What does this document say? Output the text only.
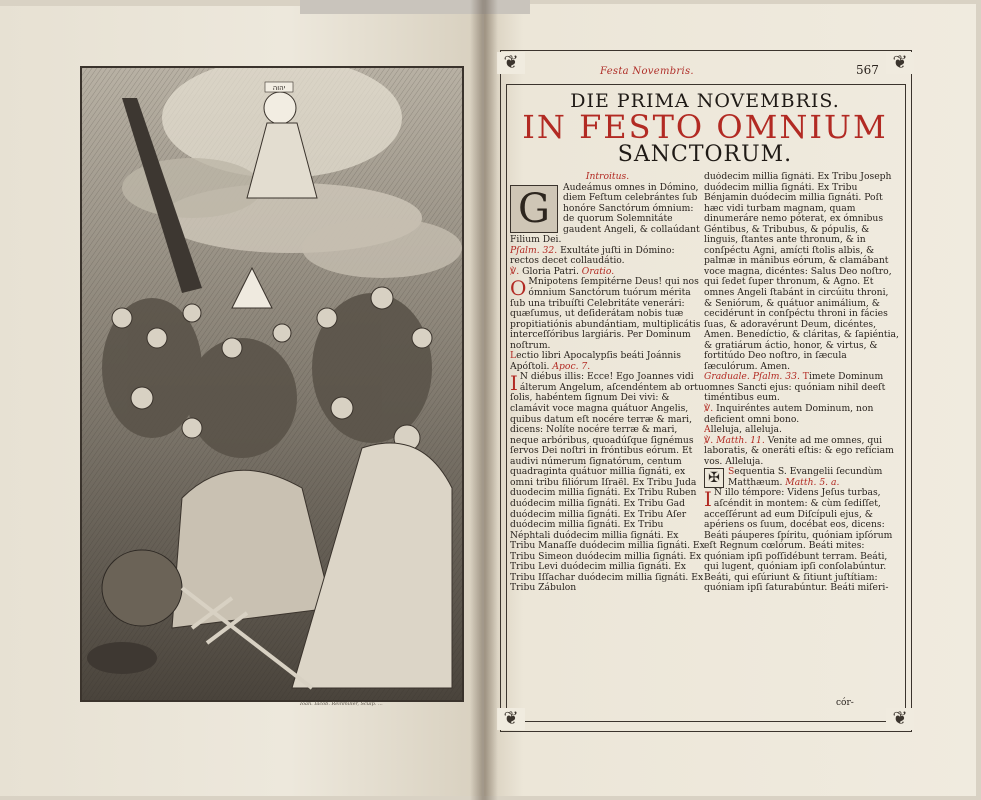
יהוה
Ioan. Iacob. Reinmiller, Sculp. ...
❦	❦
❦	❦
Festa Novembris.	567
DIE PRIMA NOVEMBRIS.
IN FESTO OMNIUM
SANCTORUM.

Introitus.

G	Audeámus omnes in Dómino, diem Feſtum celebrántes ſub honóre Sanctórum ómnium: de quorum Solemnitáte gaudent Angeli, & collaúdant Filium Dei.

Pſalm. 32. Exultáte juſti in Dómino: rectos decet collaudátio.

℣. Gloria Patri. Oratio.

O Mnipotens ſempitérne Deus! qui nos ómnium Sanctórum tuórum mérita ſub una tribuíſti Celebritáte venerári: quæſumus, ut deſiderátam nobis tuæ propitiatiónis abundántiam, multiplicátis interceſſóribus largiáris. Per Dominum noſtrum.

Lectio libri Apocalypſis beáti Joánnis Apóſtoli. Apoc. 7.

I N diébus illis: Ecce! Ego Joannes vidi álterum Angelum, aſcendéntem ab ortu ſolis, habéntem ſignum Dei vivi: & clamávit voce magna quátuor Angelis, quibus datum eſt nocére terræ & mari, dicens: Nolíte nocére terræ & mari, neque arbóribus, quoadúſque ſignémus ſervos Dei noſtri in fróntibus eórum. Et audivi númerum ſignatórum, centum quadraginta quátuor millia ſignáti, ex omni tribu filiórum Iſraël. Ex Tribu Juda duodecim millia ſignáti. Ex Tribu Ruben duódecim millia ſignáti. Ex Tribu Gad duódecim millia ſignáti. Ex Tribu Aſer duódecim millia ſignáti. Ex Tribu Néphtali duódecim millia ſignáti. Ex Tribu Manaſſe duódecim millia ſignáti. Ex Tribu Simeon duódecim millia ſignáti. Ex Tribu Levi duódecim millia ſignáti. Ex Tribu Iſſachar duódecim millia ſignáti. Ex Tribu Zábulon

duódecim millia ſignáti. Ex Tribu Joseph duódecim millia ſignáti. Ex Tribu Bénjamin duódecim millia ſignáti. Poſt hæc vidi turbam magnam, quam dinumeráre nemo póterat, ex ómnibus Géntibus, & Tribubus, & pópulis, & linguis, ſtantes ante thronum, & in conſpéctu Agni, amícti ſtolis albis, & palmæ in mánibus eórum, & clamábant voce magna, dicéntes: Salus Deo noſtro, qui ſedet ſuper thronum, & Agno. Et omnes Angeli ſtabánt in circúitu throni, & Seniórum, & quátuor animálium, & cecidérunt in conſpéctu throni in fácies ſuas, & adoravérunt Deum, dicéntes, Amen. Benedíctio, & cláritas, & ſapiéntia, & gratiárum áctio, honor, & virtus, & fortitúdo Deo noſtro, in ſæcula ſæculórum. Amen.

Graduale. Pſalm. 33. Timete Dominum omnes Sancti ejus: quóniam nihil deeſt timéntibus eum.

℣. Inquiréntes autem Dominum, non deficient omni bono.

Alleluja, alleluja.

℣. Matth. 11. Venite ad me omnes, qui laboratis, & oneráti eſtis: & ego refíciam vos. Alleluja.

✠ Sequentia S. Evangelii ſecundùm Matthæum. Matth. 5. a.

I N illo témpore: Videns Jeſus turbas, aſcéndit in montem: & cùm ſediſſet, acceſſérunt ad eum Diſcípuli ejus, & apériens os ſuum, docébat eos, dicens: Beáti páuperes ſpíritu, quóniam ipſórum eſt Regnum cœlórum. Beáti mites: quóniam ipſi poſſidébunt terram. Beáti, qui lugent, quóniam ipſi conſolabúntur. Beáti, qui eſúriunt & ſitiunt juſtítiam: quóniam ipſi ſaturabúntur. Beáti miſeri-

cór-
